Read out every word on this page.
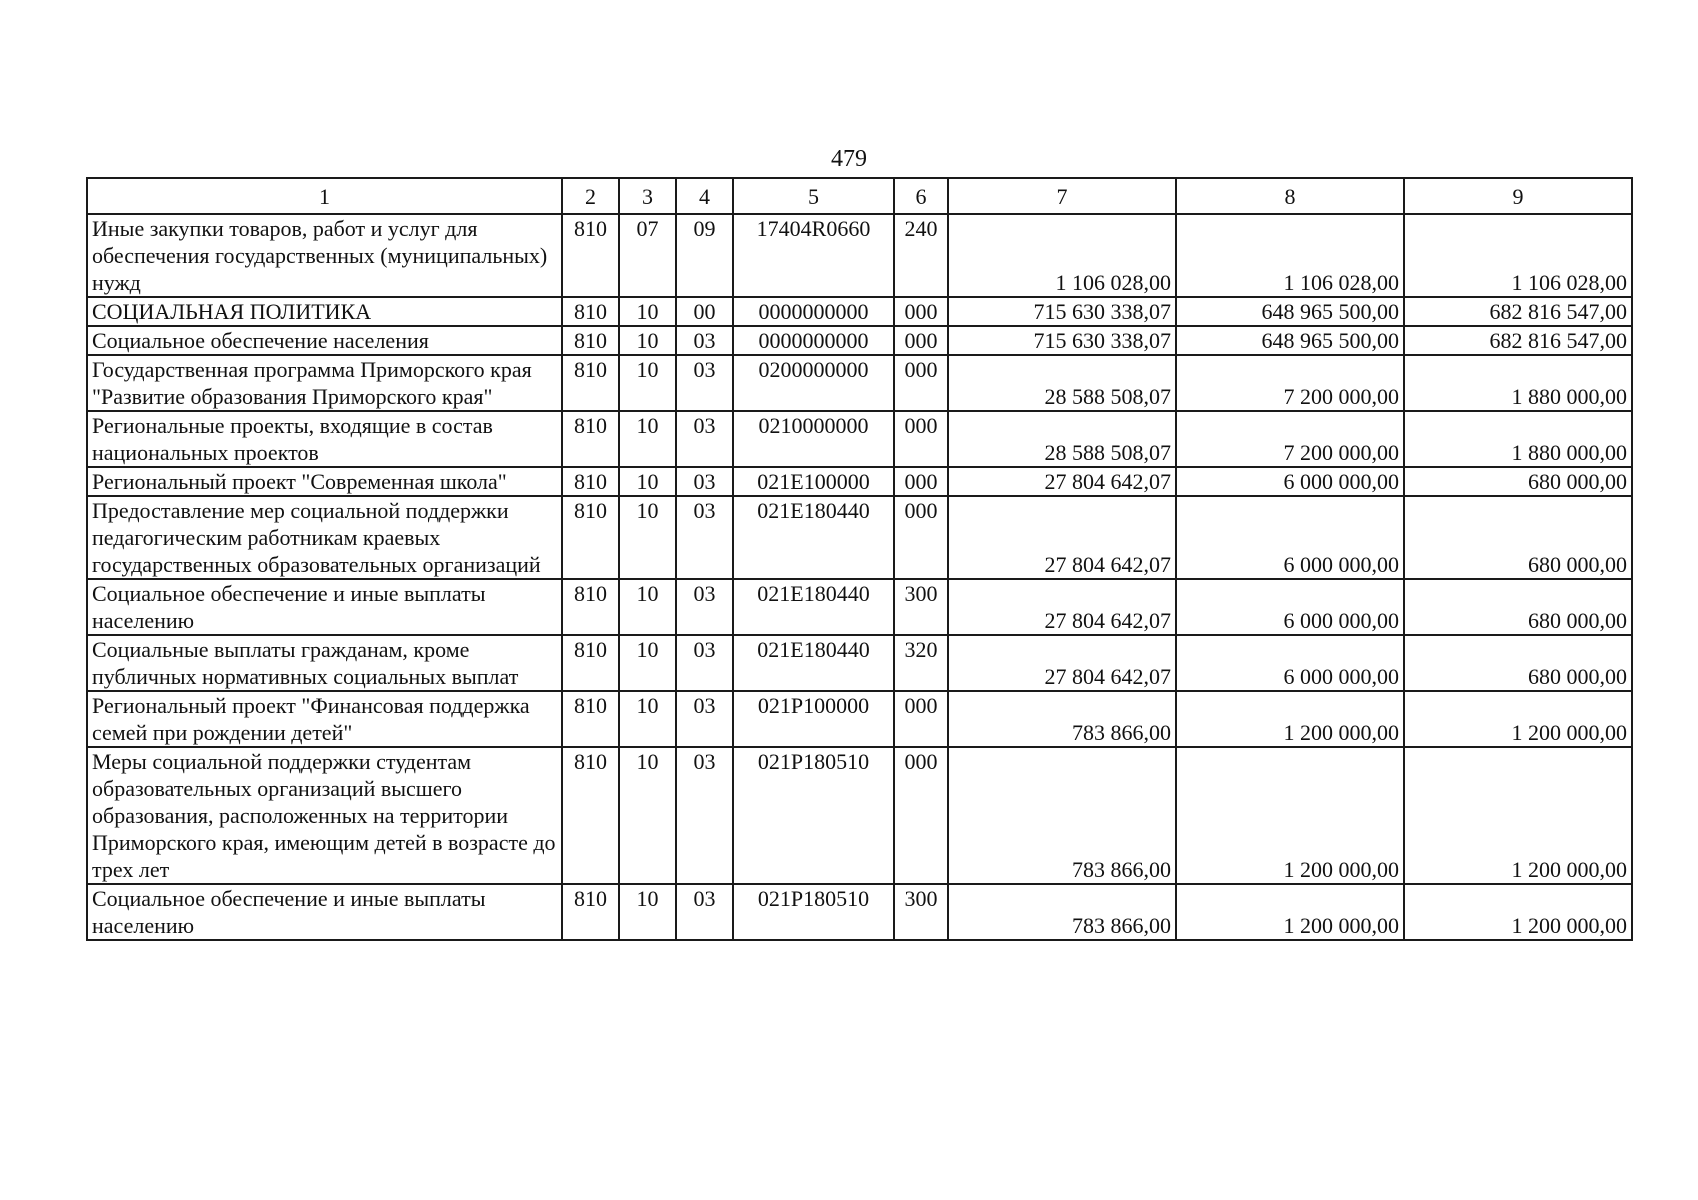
479
1	2	3	4	5	6	7	8	9
Иные закупки товаров, работ и услуг для обеспечения государственных (муниципальных) нужд	810	07	09	17404R0660	240	1 106 028,00	1 106 028,00	1 106 028,00
СОЦИАЛЬНАЯ ПОЛИТИКА	810	10	00	0000000000	000	715 630 338,07	648 965 500,00	682 816 547,00
Социальное обеспечение населения	810	10	03	0000000000	000	715 630 338,07	648 965 500,00	682 816 547,00
Государственная программа Приморского края "Развитие образования Приморского края"	810	10	03	0200000000	000	28 588 508,07	7 200 000,00	1 880 000,00
Региональные проекты, входящие в состав национальных проектов	810	10	03	0210000000	000	28 588 508,07	7 200 000,00	1 880 000,00
Региональный проект "Современная школа"	810	10	03	021E100000	000	27 804 642,07	6 000 000,00	680 000,00
Предоставление мер социальной поддержки педагогическим работникам краевых государственных образовательных организаций	810	10	03	021E180440	000	27 804 642,07	6 000 000,00	680 000,00
Социальное обеспечение и иные выплаты населению	810	10	03	021E180440	300	27 804 642,07	6 000 000,00	680 000,00
Социальные выплаты гражданам, кроме публичных нормативных социальных выплат	810	10	03	021E180440	320	27 804 642,07	6 000 000,00	680 000,00
Региональный проект "Финансовая поддержка семей при рождении детей"	810	10	03	021P100000	000	783 866,00	1 200 000,00	1 200 000,00
Меры социальной поддержки студентам образовательных организаций высшего образования, расположенных на территории Приморского края, имеющим детей в возрасте до трех лет	810	10	03	021P180510	000	783 866,00	1 200 000,00	1 200 000,00
Социальное обеспечение и иные выплаты населению	810	10	03	021P180510	300	783 866,00	1 200 000,00	1 200 000,00
